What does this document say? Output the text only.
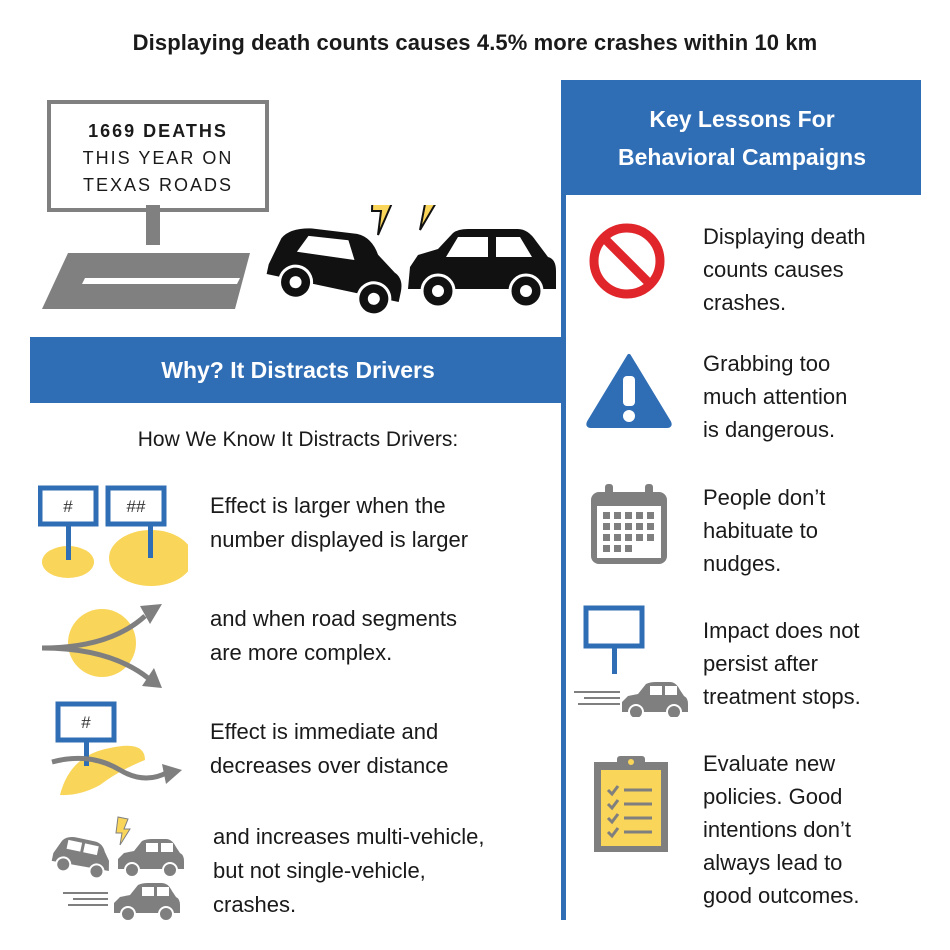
Displaying death counts causes 4.5% more crashes within 10 km
1669 DEATHS
THIS YEAR ON
TEXAS ROADS
Key Lessons For
Behavioral Campaigns
Why? It Distracts Drivers
How We Know It Distracts Drivers:
#	##	Effect is larger when the
number displayed is larger
and when road segments
are more complex.
#	Effect is immediate and
decreases over distance
and increases multi-vehicle,
but not single-vehicle,
crashes.
Displaying death
counts causes
crashes.
Grabbing too
much attention
is dangerous.
People don’t
habituate to
nudges.
Impact does not
persist after
treatment stops.
Evaluate new
policies. Good
intentions don’t
always lead to
good outcomes.
